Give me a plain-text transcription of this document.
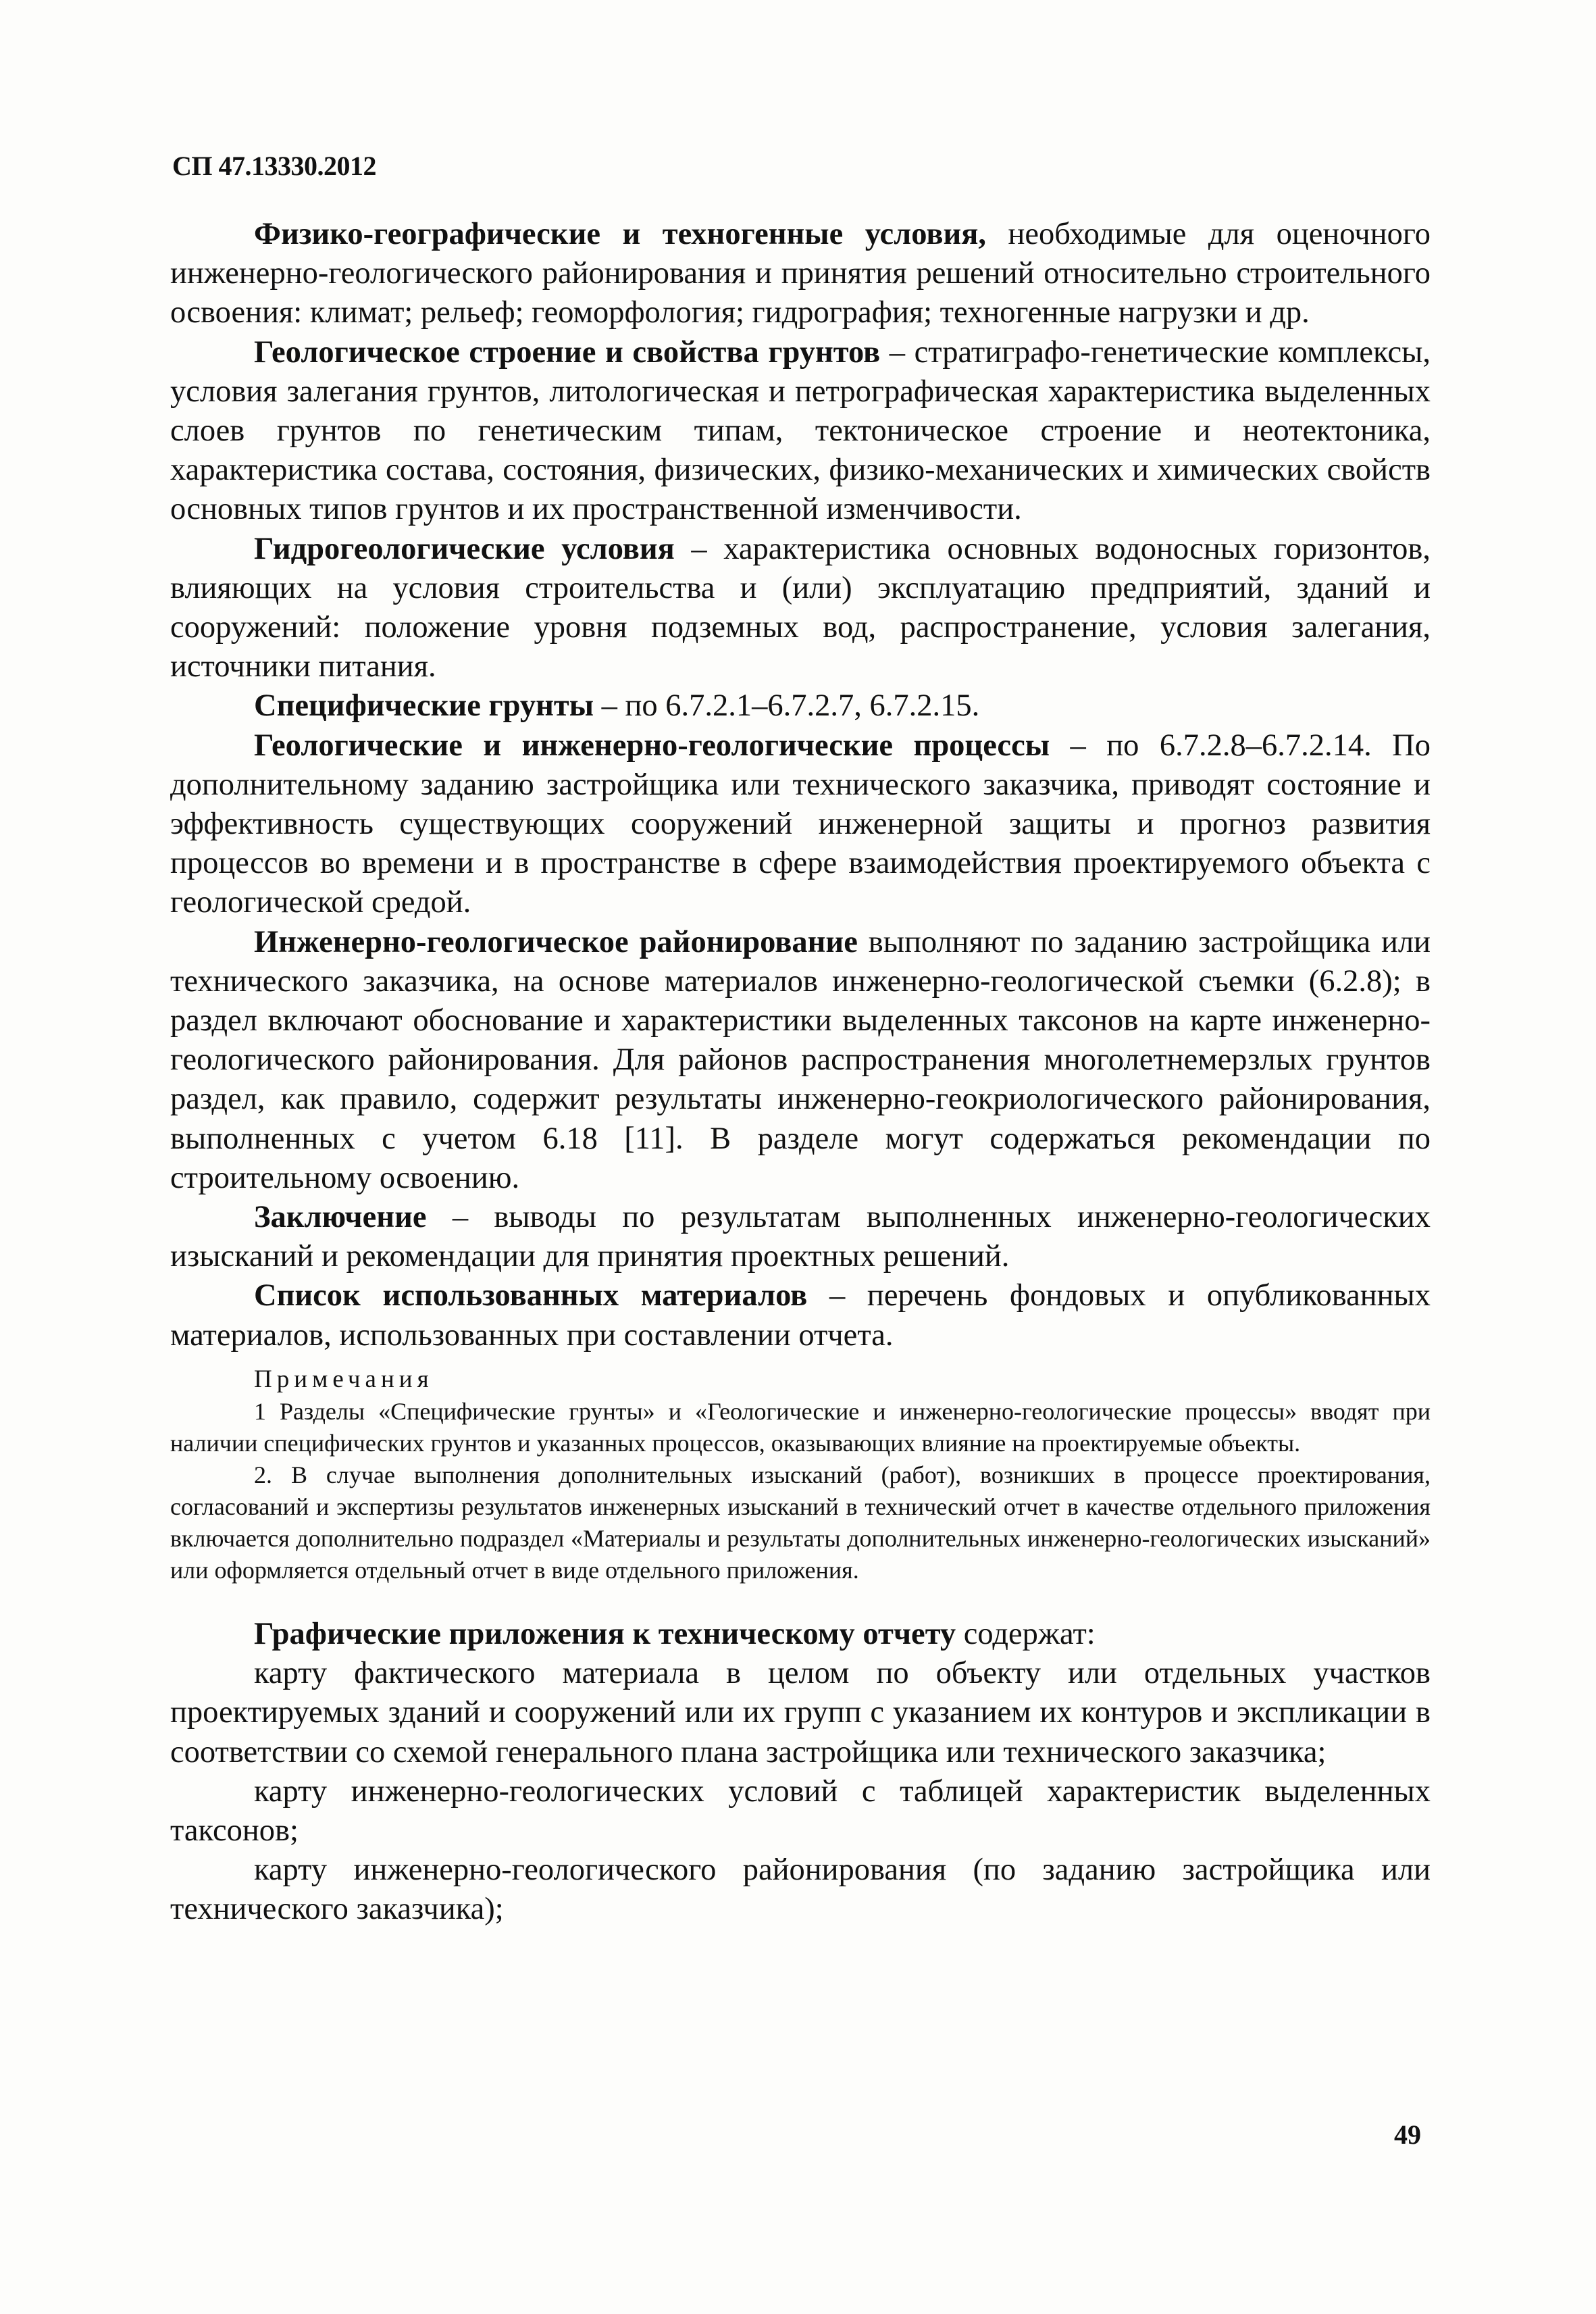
СП 47.13330.2012

Физико-географические и техногенные условия, необходимые для оценочного инженерно-геологического районирования и принятия решений относительно строительного освоения: климат; рельеф; геоморфология; гидрография; техногенные нагрузки и др.

Геологическое строение и свойства грунтов – стратиграфо-генетические комплексы, условия залегания грунтов, литологическая и петрографическая характеристика выделенных слоев грунтов по генетическим типам, тектоническое строение и неотектоника, характеристика состава, состояния, физических, физико-механических и химических свойств основных типов грунтов и их пространственной изменчивости.

Гидрогеологические условия – характеристика основных водоносных горизонтов, влияющих на условия строительства и (или) эксплуатацию предприятий, зданий и сооружений: положение уровня подземных вод, распространение, условия залегания, источники питания.

Специфические грунты – по 6.7.2.1–6.7.2.7, 6.7.2.15.

Геологические и инженерно-геологические процессы – по 6.7.2.8–6.7.2.14. По дополнительному заданию застройщика или технического заказчика, приводят состояние и эффективность существующих сооружений инженерной защиты и прогноз развития процессов во времени и в пространстве в сфере взаимодействия проектируемого объекта с геологической средой.

Инженерно-геологическое районирование выполняют по заданию застройщика или технического заказчика, на основе материалов инженерно-геологической съемки (6.2.8); в раздел включают обоснование и характеристики выделенных таксонов на карте инженерно-геологического районирования. Для районов распространения многолетнемерзлых грунтов раздел, как правило, содержит результаты инженерно-геокриологического районирования, выполненных с учетом 6.18 [11]. В разделе могут содержаться рекомендации по строительному освоению.

Заключение – выводы по результатам выполненных инженерно-геологических изысканий и рекомендации для принятия проектных решений.

Список использованных материалов – перечень фондовых и опубликованных материалов, использованных при составлении отчета.

Примечания

1 Разделы «Специфические грунты» и «Геологические и инженерно-геологические процессы» вводят при наличии специфических грунтов и указанных процессов, оказывающих влияние на проектируемые объекты.

2. В случае выполнения дополнительных изысканий (работ), возникших в процессе проектирования, согласований и экспертизы результатов инженерных изысканий в технический отчет в качестве отдельного приложения включается дополнительно подраздел «Материалы и результаты дополнительных инженерно-геологических изысканий» или оформляется отдельный отчет в виде отдельного приложения.

Графические приложения к техническому отчету содержат:

карту фактического материала в целом по объекту или отдельных участков проектируемых зданий и сооружений или их групп с указанием их контуров и экспликации в соответствии со схемой генерального плана застройщика или технического заказчика;

карту инженерно-геологических условий с таблицей характеристик выделенных таксонов;

карту инженерно-геологического районирования (по заданию застройщика или технического заказчика);

49
